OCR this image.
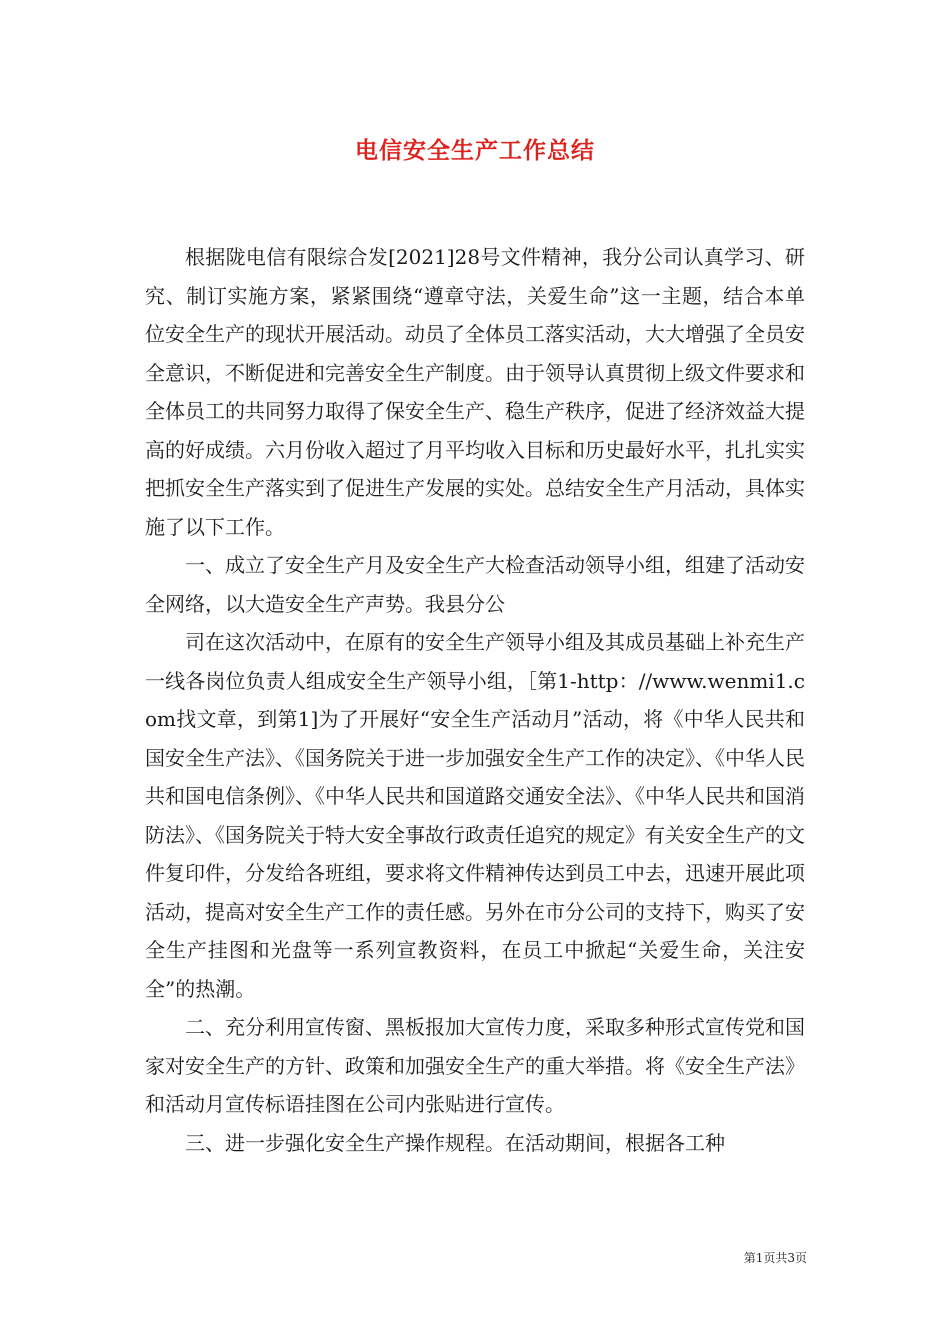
电信安全生产工作总结

根据陇电信有限综合发[2021]28号文件精神，我分公司认真学习、研究、制订实施方案，紧紧围绕“遵章守法，关爱生命”这一主题，结合本单位安全生产的现状开展活动。动员了全体员工落实活动，大大增强了全员安全意识，不断促进和完善安全生产制度。由于领导认真贯彻上级文件要求和全体员工的共同努力取得了保安全生产、稳生产秩序，促进了经济效益大提高的好成绩。六月份收入超过了月平均收入目标和历史最好水平，扎扎实实把抓安全生产落实到了促进生产发展的实处。总结安全生产月活动，具体实施了以下工作。

一、成立了安全生产月及安全生产大检查活动领导小组，组建了活动安全网络，以大造安全生产声势。我县分公

司在这次活动中，在原有的安全生产领导小组及其成员基础上补充生产一线各岗位负责人组成安全生产领导小组，［第1-http：//www.wenmi1.com找文章，到第1]为了开展好“安全生产活动月”活动，将《中华人民共和国安全生产法》、《国务院关于进一步加强安全生产工作的决定》、《中华人民共和国电信条例》、《中华人民共和国道路交通安全法》、《中华人民共和国消防法》、《国务院关于特大安全事故行政责任追究的规定》有关安全生产的文件复印件，分发给各班组，要求将文件精神传达到员工中去，迅速开展此项活动，提高对安全生产工作的责任感。另外在市分公司的支持下，购买了安全生产挂图和光盘等一系列宣教资料，在员工中掀起“关爱生命，关注安全”的热潮。

二、充分利用宣传窗、黑板报加大宣传力度，采取多种形式宣传党和国家对安全生产的方针、政策和加强安全生产的重大举措。将《安全生产法》和活动月宣传标语挂图在公司内张贴进行宣传。

三、进一步强化安全生产操作规程。在活动期间，根据各工种

第1页共3页
